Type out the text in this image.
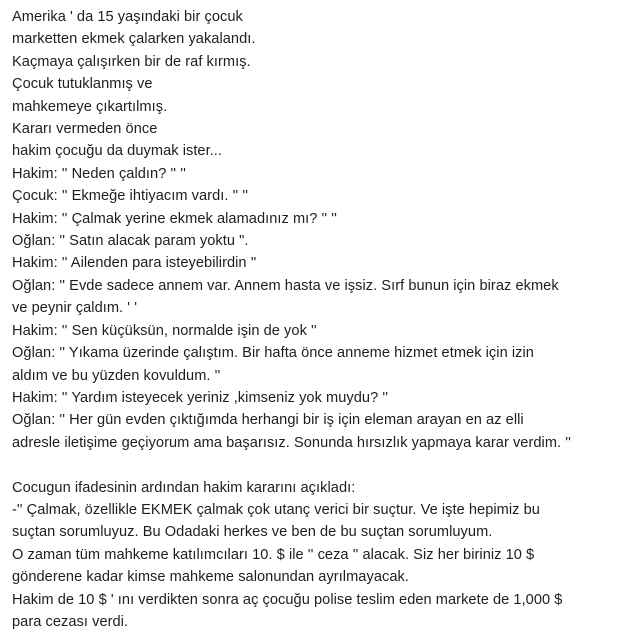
Amerika ' da 15 yaşındaki bir çocuk
marketten ekmek çalarken yakalandı.
Kaçmaya çalışırken bir de raf kırmış.
Çocuk tutuklanmış ve
mahkemeye çıkartılmış.
Kararı vermeden önce
hakim çocuğu da duymak ister...
Hakim: '' Neden çaldın? '' ''
Çocuk: '' Ekmeğe ihtiyacım vardı. '' ''
Hakim: '' Çalmak yerine ekmek alamadınız mı? '' ''
Oğlan: '' Satın alacak param yoktu ".
Hakim: '' Ailenden para isteyebilirdin ''
Oğlan: '' Evde sadece annem var. Annem hasta ve işsiz. Sırf bunun için biraz ekmek
ve peynir çaldım. ' '
Hakim: '' Sen küçüksün, normalde işin de yok ''
Oğlan: '' Yıkama üzerinde çalıştım. Bir hafta önce anneme hizmet etmek için izin
aldım ve bu yüzden kovuldum. ''
Hakim: '' Yardım isteyecek yeriniz ,kimseniz yok muydu? ''
Oğlan: '' Her gün evden çıktığımda herhangi bir iş için eleman arayan en az elli
adresle iletişime geçiyorum ama başarısız. Sonunda hırsızlık yapmaya karar verdim. ''
Cocugun ifadesinin ardından hakim kararını açıkladı:
-'' Çalmak, özellikle EKMEK çalmak çok utanç verici bir suçtur. Ve işte hepimiz bu
suçtan sorumluyuz. Bu Odadaki herkes ve ben de bu suçtan sorumluyum.
O zaman tüm mahkeme katılımcıları 10. $ ile '' ceza '' alacak. Siz her biriniz 10 $
gönderene kadar kimse mahkeme salonundan ayrılmayacak.
Hakim de 10 $ ' ını verdikten sonra aç çocuğu polise teslim eden markete de 1,000 $
para cezası verdi.
